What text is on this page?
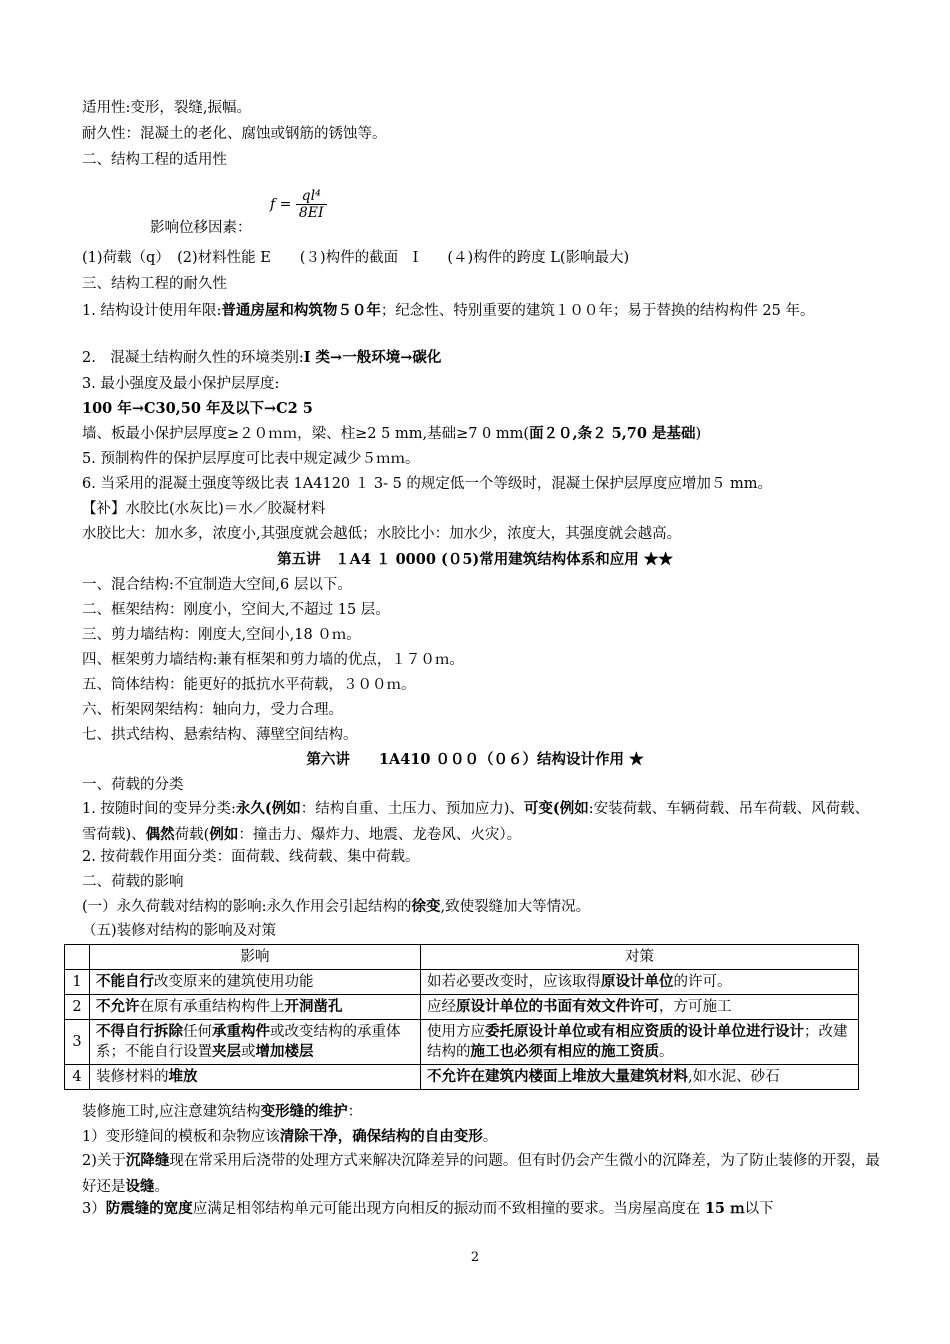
适用性:变形，裂缝,振幅。
耐久性：混凝土的老化、腐蚀或钢筋的锈蚀等。
二、结构工程的适用性
$f = \frac{\text{ql⁴}}{8EI}$
影响位移因素：
(1)荷载（q）　(2)材料性能 E　　(３)构件的截面　I　　(４)构件的跨度 L(影响最大)
三、结构工程的耐久性
1. 结构设计使用年限:普通房屋和构筑物５０年；纪念性、特别重要的建筑１００年；易于替换的结构构件 25 年。
2.　混凝土结构耐久性的环境类别:I 类→一般环境→碳化
3. 最小强度及最小保护层厚度:
100 年→C30,50 年及以下→C2 5
墙、板最小保护层厚度≥２０ｍｍ，梁、柱≥2 5 mm,基础≥7 0 mm(面２０,条２ 5,70 是基础)
5. 预制构件的保护层厚度可比表中规定减少５ｍｍ。
6. 当采用的混凝土强度等级比表 1A4120 １ 3- 5 的规定低一个等级时，混凝土保护层厚度应增加５ mm。
【补】水胶比(水灰比)＝水／胶凝材料
水胶比大：加水多，浓度小,其强度就会越低；水胶比小：加水少，浓度大，其强度就会越高。
第五讲　１A4 １ 0000 (０5)常用建筑结构体系和应用 ★★
一、混合结构:不宜制造大空间,6 层以下。
二、框架结构：刚度小，空间大,不超过 15 层。
三、剪力墙结构：刚度大,空间小,18 ０ｍ。
四、框架剪力墙结构:兼有框架和剪力墙的优点，１７０ｍ。
五、筒体结构：能更好的抵抗水平荷载，３００ｍ。
六、桁架网架结构：轴向力，受力合理。
七、拱式结构、悬索结构、薄壁空间结构。
第六讲　　1A410 ０００（０６）结构设计作用 ★
一、荷载的分类
1. 按随时间的变异分类:永久(例如：结构自重、土压力、预加应力)、可变(例如:安装荷载、车辆荷载、吊车荷载、风荷载、雪荷载)、偶然荷载(例如：撞击力、爆炸力、地震、龙卷风、火灾）。
2. 按荷载作用面分类：面荷载、线荷载、集中荷载。
二、荷载的影响
(一）永久荷载对结构的影响:永久作用会引起结构的徐变,致使裂缝加大等情况。
（五)装修对结构的影响及对策
	影响	对策
1	不能自行改变原来的建筑使用功能	如若必要改变时，应该取得原设计单位的许可。
2	不允许在原有承重结构构件上开洞凿孔	应经原设计单位的书面有效文件许可，方可施工
3	不得自行拆除任何承重构件或改变结构的承重体系；不能自行设置夹层或增加楼层	使用方应委托原设计单位或有相应资质的设计单位进行设计；改建结构的施工也必须有相应的施工资质。
4	装修材料的堆放	不允许在建筑内楼面上堆放大量建筑材料,如水泥、砂石
装修施工时,应注意建筑结构变形缝的维护：
1）变形缝间的模板和杂物应该清除干净，确保结构的自由变形。
2)关于沉降缝现在常采用后浇带的处理方式来解决沉降差异的问题。但有时仍会产生微小的沉降差，为了防止装修的开裂，最好还是设缝。
3）防震缝的宽度应满足相邻结构单元可能出现方向相反的振动而不致相撞的要求。当房屋高度在 15 ｍ以下
2
